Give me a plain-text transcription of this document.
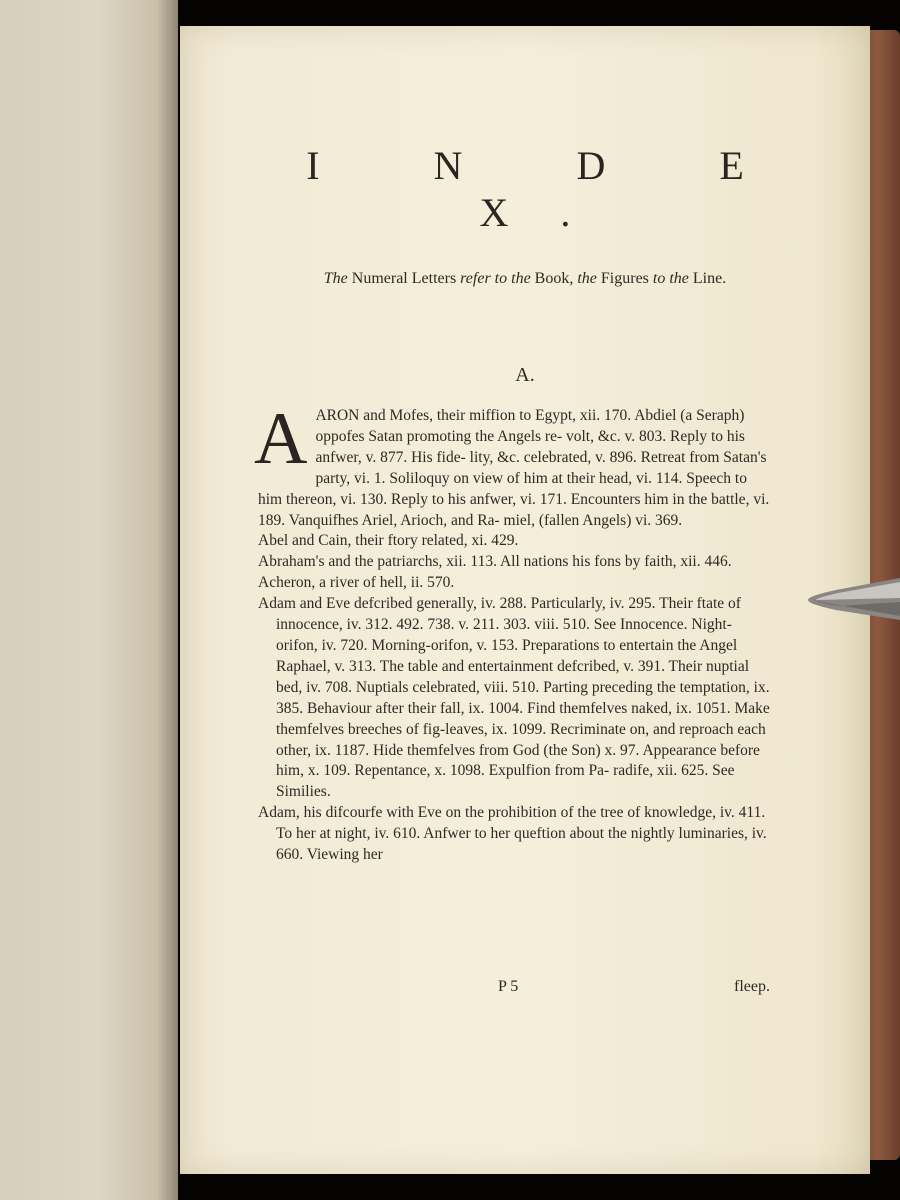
I N D E X.
The Numeral Letters refer to the Book, the Figures to the Line.
A.
AARON and Mofes, their miffion to Egypt, xii. 170. Abdiel (a Seraph) oppofes Satan promoting the Angels re- volt, &c. v. 803. Reply to his anfwer, v. 877. His fide- lity, &c. celebrated, v. 896. Retreat from Satan's party, vi. 1. Soliloquy on view of him at their head, vi. 114. Speech to him thereon, vi. 130. Reply to his anfwer, vi. 171. Encounters him in the battle, vi. 189. Vanquifhes Ariel, Arioch, and Ra- miel, (fallen Angels) vi. 369.
Abel and Cain, their ftory related, xi. 429.
Abraham's and the patriarchs, xii. 113. All nations his fons by faith, xii. 446.
Acheron, a river of hell, ii. 570.
Adam and Eve defcribed generally, iv. 288. Particularly, iv. 295. Their ftate of innocence, iv. 312. 492. 738. v. 211. 303. viii. 510. See Innocence. Night-orifon, iv. 720. Morning-orifon, v. 153. Preparations to entertain the Angel Raphael, v. 313. The table and entertainment defcribed, v. 391. Their nuptial bed, iv. 708. Nuptials celebrated, viii. 510. Parting preceding the temptation, ix. 385. Behaviour after their fall, ix. 1004. Find themfelves naked, ix. 1051. Make themfelves breeches of fig-leaves, ix. 1099. Recriminate on, and reproach each other, ix. 1187. Hide themfelves from God (the Son) x. 97. Appearance before him, x. 109. Repentance, x. 1098. Expulfion from Pa- radife, xii. 625. See Similies.
Adam, his difcourfe with Eve on the prohibition of the tree of knowledge, iv. 411. To her at night, iv. 610. Anfwer to her queftion about the nightly luminaries, iv. 660. Viewing her
P 5	fleep.
